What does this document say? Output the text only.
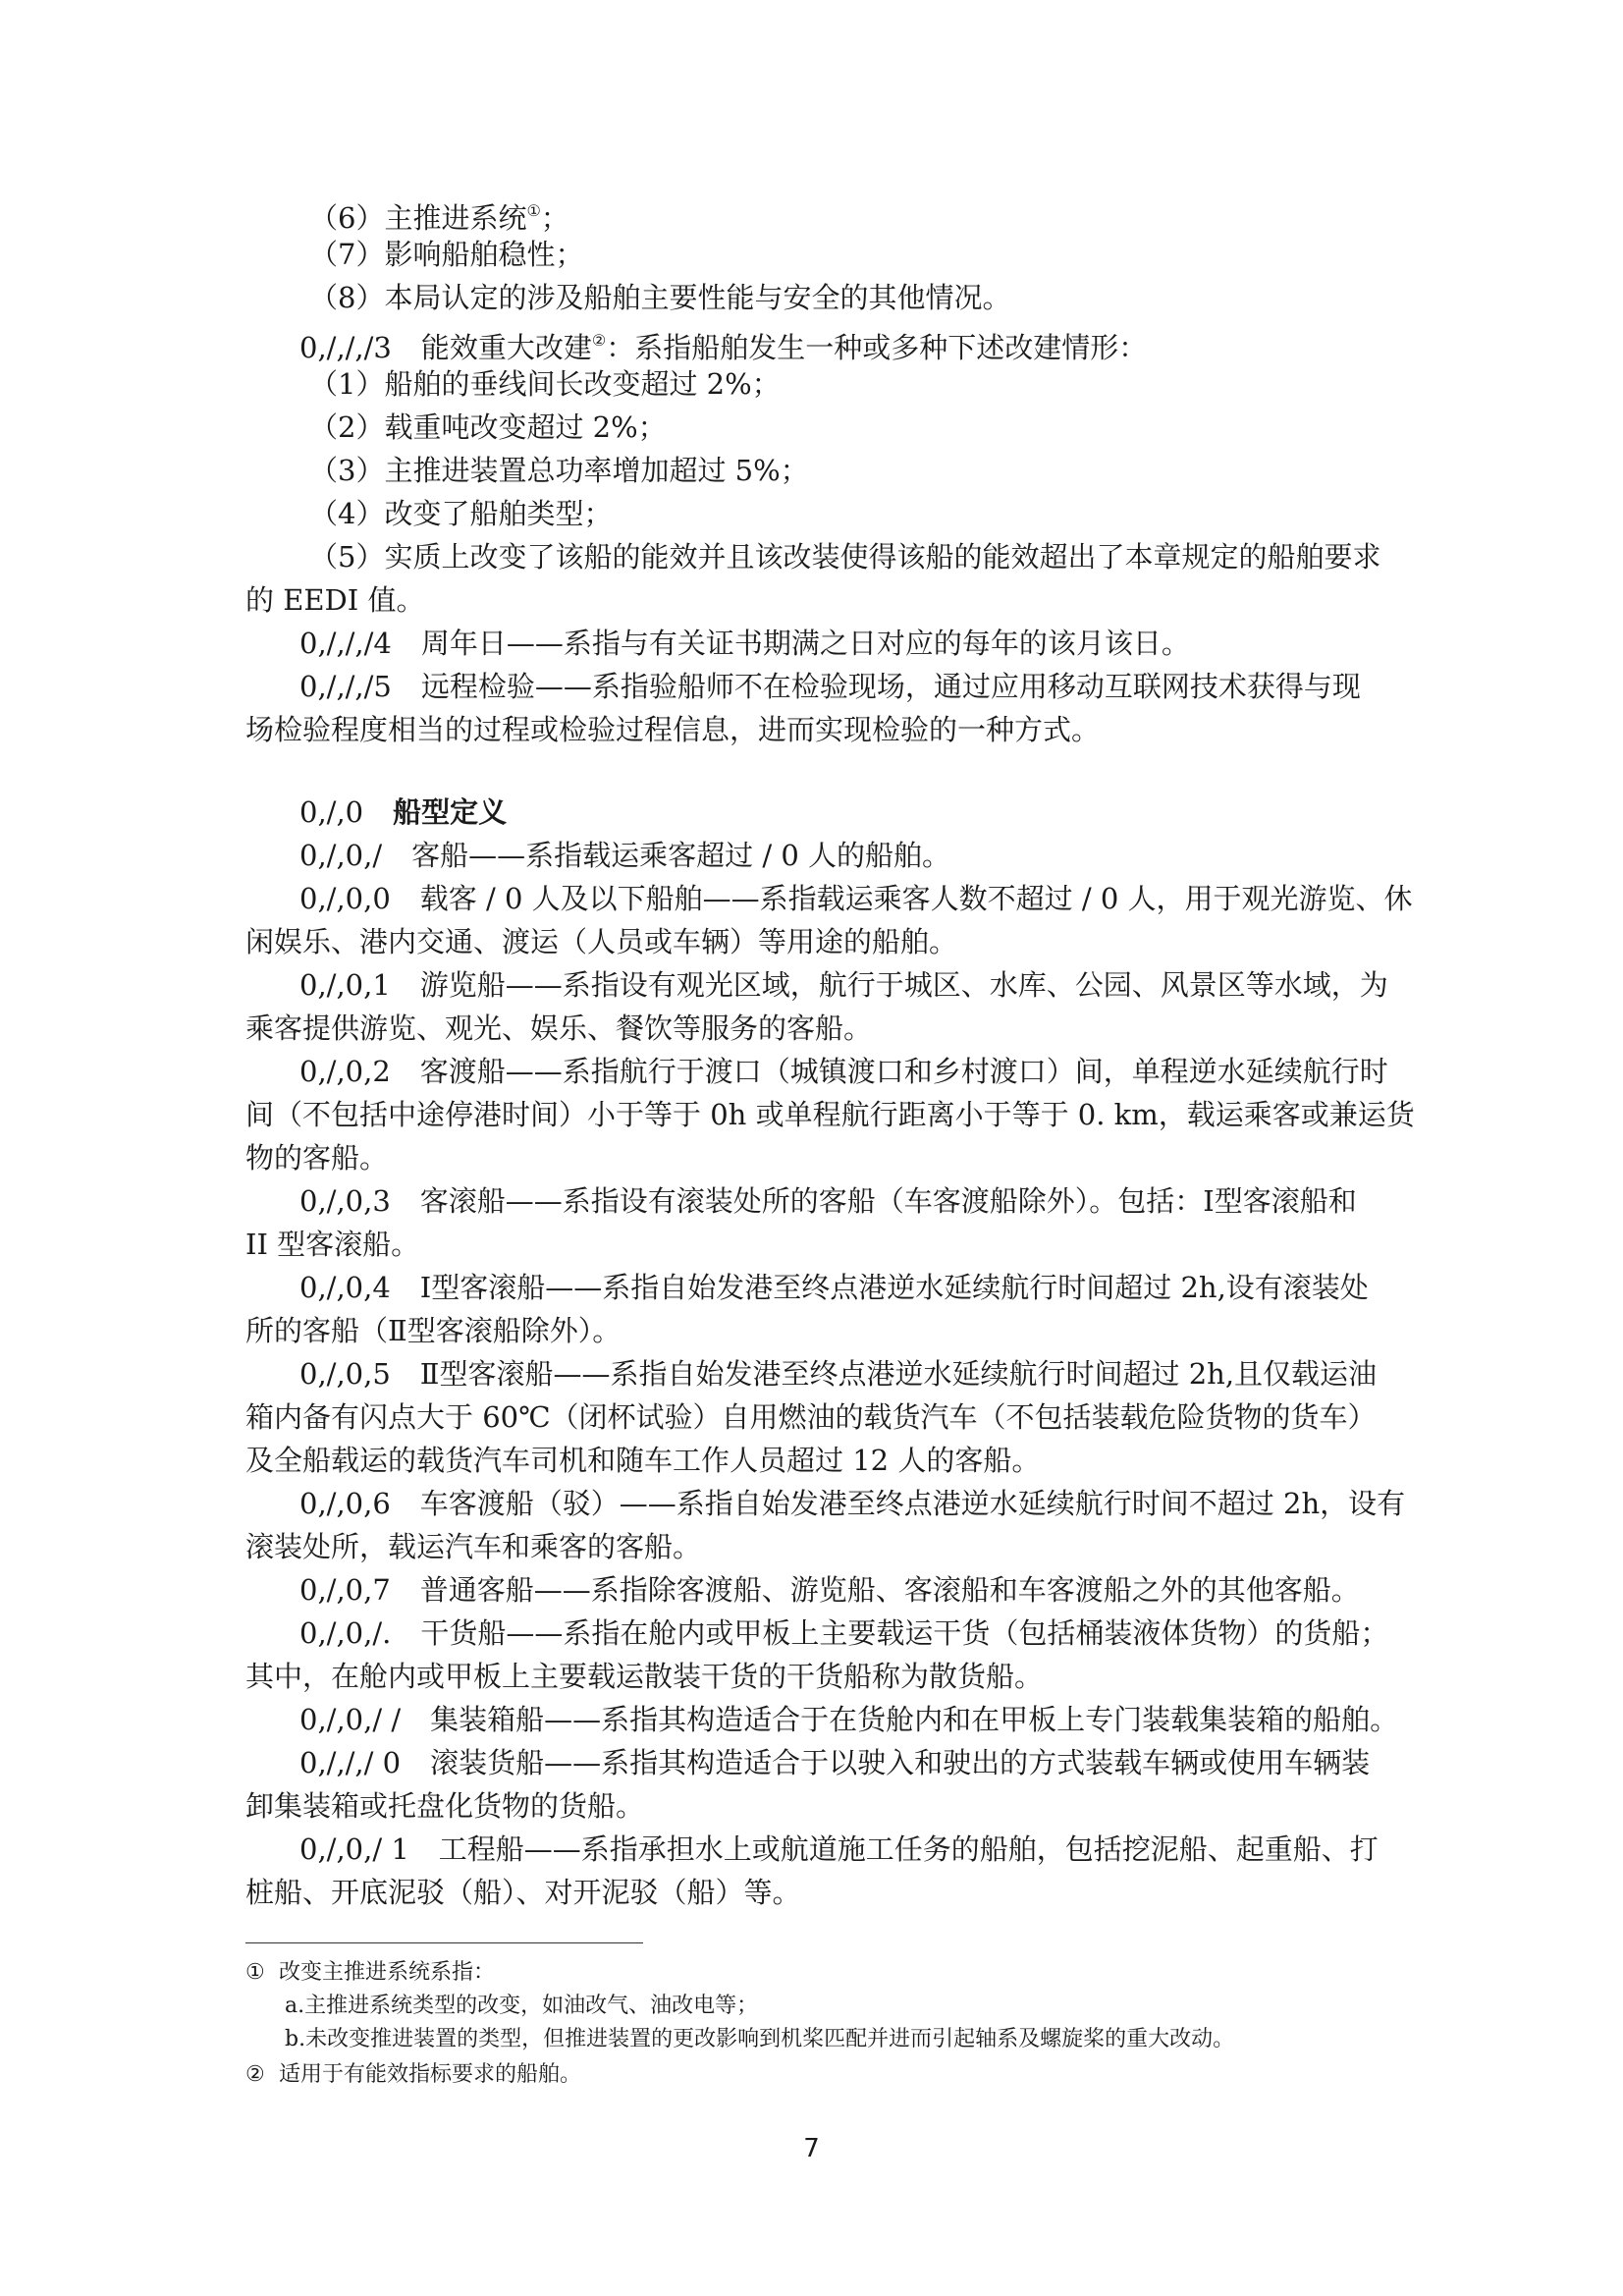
（6）主推进系统①；
（7）影响船舶稳性；
（8）本局认定的涉及船舶主要性能与安全的其他情况。
0,/,/,/3 能效重大改建②：系指船舶发生一种或多种下述改建情形：
（1）船舶的垂线间长改变超过 2%；
（2）载重吨改变超过 2%；
（3）主推进装置总功率增加超过 5%；
（4）改变了船舶类型；
（5）实质上改变了该船的能效并且该改装使得该船的能效超出了本章规定的船舶要求
的 EEDI 值。
0,/,/,/4 周年日——系指与有关证书期满之日对应的每年的该月该日。
0,/,/,/5 远程检验——系指验船师不在检验现场，通过应用移动互联网技术获得与现
场检验程度相当的过程或检验过程信息，进而实现检验的一种方式。
0,/,0 船型定义
0,/,0,/ 客船——系指载运乘客超过 / 0 人的船舶。
0,/,0,0 载客 / 0 人及以下船舶——系指载运乘客人数不超过 / 0 人，用于观光游览、休
闲娱乐、港内交通、渡运（人员或车辆）等用途的船舶。
0,/,0,1 游览船——系指设有观光区域，航行于城区、水库、公园、风景区等水域，为
乘客提供游览、观光、娱乐、餐饮等服务的客船。
0,/,0,2 客渡船——系指航行于渡口（城镇渡口和乡村渡口）间，单程逆水延续航行时
间（不包括中途停港时间）小于等于 0h 或单程航行距离小于等于 0. km，载运乘客或兼运货
物的客船。
0,/,0,3 客滚船——系指设有滚装处所的客船（车客渡船除外）。包括：Ⅰ型客滚船和
II 型客滚船。
0,/,0,4 Ⅰ型客滚船——系指自始发港至终点港逆水延续航行时间超过 2h,设有滚装处
所的客船（Ⅱ型客滚船除外）。
0,/,0,5 Ⅱ型客滚船——系指自始发港至终点港逆水延续航行时间超过 2h,且仅载运油
箱内备有闪点大于 60℃（闭杯试验）自用燃油的载货汽车（不包括装载危险货物的货车）
及全船载运的载货汽车司机和随车工作人员超过 12 人的客船。
0,/,0,6 车客渡船（驳）——系指自始发港至终点港逆水延续航行时间不超过 2h，设有
滚装处所，载运汽车和乘客的客船。
0,/,0,7 普通客船——系指除客渡船、游览船、客滚船和车客渡船之外的其他客船。
0,/,0,/. 干货船——系指在舱内或甲板上主要载运干货（包括桶装液体货物）的货船；
其中，在舱内或甲板上主要载运散装干货的干货船称为散货船。
0,/,0,/ / 集装箱船——系指其构造适合于在货舱内和在甲板上专门装载集装箱的船舶。
0,/,/,/ 0 滚装货船——系指其构造适合于以驶入和驶出的方式装载车辆或使用车辆装
卸集装箱或托盘化货物的货船。
0,/,0,/ 1 工程船——系指承担水上或航道施工任务的船舶，包括挖泥船、起重船、打
桩船、开底泥驳（船）、对开泥驳（船）等。
① 改变主推进系统系指：
a.主推进系统类型的改变，如油改气、油改电等；
b.未改变推进装置的类型，但推进装置的更改影响到机桨匹配并进而引起轴系及螺旋桨的重大改动。
② 适用于有能效指标要求的船舶。
7
